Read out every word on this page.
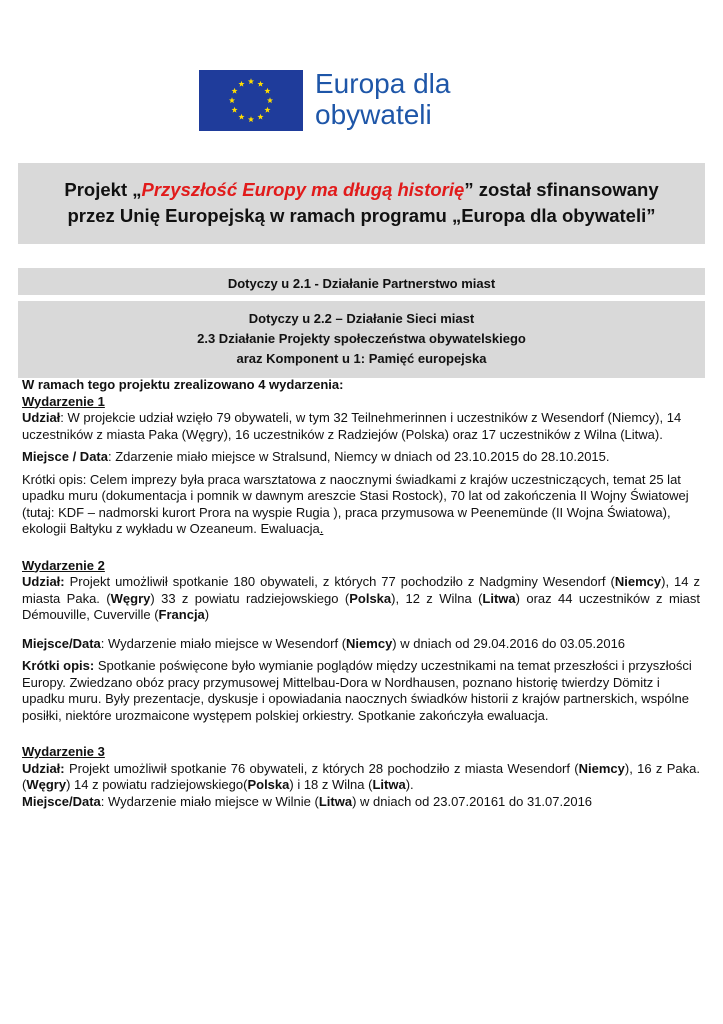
Europa dla
obywateli
Projekt „Przyszłość Europy ma długą historię” został sfinansowany
przez Unię Europejską w ramach programu „Europa dla obywateli”
Dotyczy u 2.1 - Działanie Partnerstwo miast
Dotyczy u 2.2 – Działanie Sieci miast
2.3 Działanie Projekty społeczeństwa obywatelskiego
araz Komponent u 1: Pamięć europejska

W ramach tego projektu zrealizowano 4 wydarzenia:

Wydarzenie 1

Udział: W projekcie udział wzięło 79 obywateli, w tym 32 Teilnehmerinnen i uczestników z Wesendorf (Niemcy), 14 uczestników z miasta Paka (Węgry), 16 uczestników z Radziejów (Polska) oraz 17 uczestników z Wilna (Litwa).

Miejsce / Data: Zdarzenie miało miejsce w Stralsund, Niemcy w dniach od 23.10.2015 do 28.10.2015.

Krótki opis: Celem imprezy była praca warsztatowa z naocznymi świadkami z krajów uczestniczących, temat 25 lat upadku muru (dokumentacja i pomnik w dawnym areszcie Stasi Rostock), 70 lat od zakończenia II Wojny Światowej (tutaj: KDF – nadmorski kurort Prora na wyspie Rugia ), praca przymusowa w Peenemünde (II Wojna Światowa), ekologii Bałtyku z wykładu w Ozeaneum. Ewaluacja.

Wydarzenie 2

Udział: Projekt umożliwił spotkanie 180 obywateli, z których 77 pochodziło z Nadgminy Wesendorf (Niemcy), 14 z miasta Paka. (Węgry) 33 z powiatu radziejowskiego (Polska), 12 z Wilna (Litwa) oraz 44 uczestników z miast Démouville, Cuverville (Francja)

Miejsce/Data: Wydarzenie miało miejsce w Wesendorf (Niemcy) w dniach od 29.04.2016 do 03.05.2016

Krótki opis: Spotkanie poświęcone było wymianie poglądów między uczestnikami na temat przeszłości i przyszłości Europy. Zwiedzano obóz pracy przymusowej Mittelbau-Dora w Nordhausen, poznano historię twierdzy Dömitz i upadku muru. Były prezentacje, dyskusje i opowiadania naocznych świadków historii z krajów partnerskich, wspólne posiłki, niektóre urozmaicone występem polskiej orkiestry. Spotkanie zakończyła ewaluacja.

Wydarzenie 3

Udział: Projekt umożliwił spotkanie 76 obywateli, z których 28 pochodziło z miasta Wesendorf (Niemcy), 16 z Paka. (Węgry) 14 z powiatu radziejowskiego(Polska) i 18 z Wilna (Litwa).

Miejsce/Data: Wydarzenie miało miejsce w Wilnie (Litwa) w dniach od 23.07.20161 do 31.07.2016
